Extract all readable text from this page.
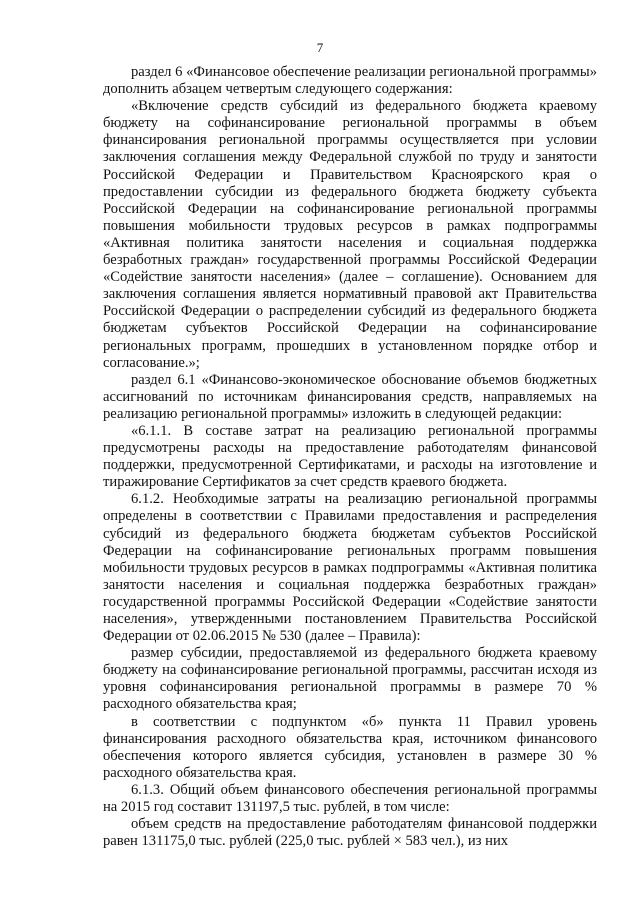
7

раздел 6 «Финансовое обеспечение реализации региональной программы» дополнить абзацем четвертым следующего содержания:

«Включение средств субсидий из федерального бюджета краевому бюджету на софинансирование региональной программы в объем финансирования региональной программы осуществляется при условии заключения соглашения между Федеральной службой по труду и занятости Российской Федерации и Правительством Красноярского края о предоставлении субсидии из федерального бюджета бюджету субъекта Российской Федерации на софинансирование региональной программы повышения мобильности трудовых ресурсов в рамках подпрограммы «Активная политика занятости населения и социальная поддержка безработных граждан» государственной программы Российской Федерации «Содействие занятости населения» (далее – соглашение). Основанием для заключения соглашения является нормативный правовой акт Правительства Российской Федерации о распределении субсидий из федерального бюджета бюджетам субъектов Российской Федерации на софинансирование региональных программ, прошедших в установленном порядке отбор и согласование.»;

раздел 6.1 «Финансово-экономическое обоснование объемов бюджетных ассигнований по источникам финансирования средств, направляемых на реализацию региональной программы» изложить в следующей редакции:

«6.1.1. В составе затрат на реализацию региональной программы предусмотрены расходы на предоставление работодателям финансовой поддержки, предусмотренной Сертификатами, и расходы на изготовление и тиражирование Сертификатов за счет средств краевого бюджета.

6.1.2. Необходимые затраты на реализацию региональной программы определены в соответствии с Правилами предоставления и распределения субсидий из федерального бюджета бюджетам субъектов Российской Федерации на софинансирование региональных программ повышения мобильности трудовых ресурсов в рамках подпрограммы «Активная политика занятости населения и социальная поддержка безработных граждан» государственной программы Российской Федерации «Содействие занятости населения», утвержденными постановлением Правительства Российской Федерации от 02.06.2015 № 530 (далее – Правила):

размер субсидии, предоставляемой из федерального бюджета краевому бюджету на софинансирование региональной программы, рассчитан исходя из уровня софинансирования региональной программы в размере 70 % расходного обязательства края;

в соответствии с подпунктом «б» пункта 11 Правил уровень финансирования расходного обязательства края, источником финансового обеспечения которого является субсидия, установлен в размере 30 % расходного обязательства края.

6.1.3. Общий объем финансового обеспечения региональной программы на 2015 год составит 131197,5 тыс. рублей, в том числе:

объем средств на предоставление работодателям финансовой поддержки равен 131175,0 тыс. рублей (225,0 тыс. рублей × 583 чел.), из них
